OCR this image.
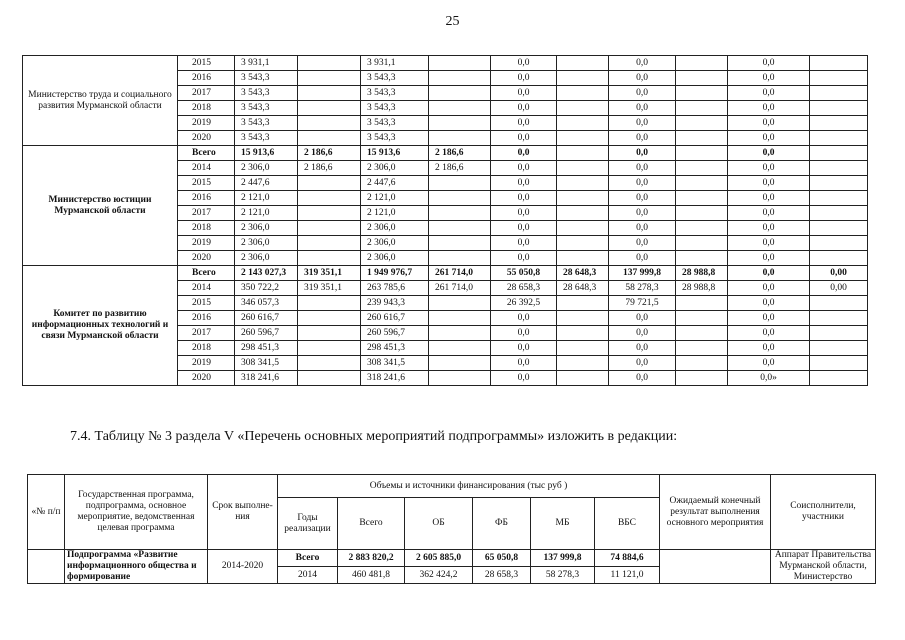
25
Министерство труда и социального развития Мурманской области	2015	3 931,1		3 931,1		0,0		0,0		0,0	
	2016	3 543,3		3 543,3		0,0		0,0		0,0	
	2017	3 543,3		3 543,3		0,0		0,0		0,0	
	2018	3 543,3		3 543,3		0,0		0,0		0,0	
	2019	3 543,3		3 543,3		0,0		0,0		0,0	
	2020	3 543,3		3 543,3		0,0		0,0		0,0	
Министерство юстиции Мурманской области	Всего	15 913,6	2 186,6	15 913,6	2 186,6	0,0		0,0		0,0	
	2014	2 306,0	2 186,6	2 306,0	2 186,6	0,0		0,0		0,0	
	2015	2 447,6		2 447,6		0,0		0,0		0,0	
	2016	2 121,0		2 121,0		0,0		0,0		0,0	
	2017	2 121,0		2 121,0		0,0		0,0		0,0	
	2018	2 306,0		2 306,0		0,0		0,0		0,0	
	2019	2 306,0		2 306,0		0,0		0,0		0,0	
	2020	2 306,0		2 306,0		0,0		0,0		0,0	
Комитет по развитию информационных технологий и связи Мурманской области	Всего	2 143 027,3	319 351,1	1 949 976,7	261 714,0	55 050,8	28 648,3	137 999,8	28 988,8	0,0	0,00
	2014	350 722,2	319 351,1	263 785,6	261 714,0	28 658,3	28 648,3	58 278,3	28 988,8	0,0	0,00
	2015	346 057,3		239 943,3		26 392,5		79 721,5		0,0	
	2016	260 616,7		260 616,7		0,0		0,0		0,0	
	2017	260 596,7		260 596,7		0,0		0,0		0,0	
	2018	298 451,3		298 451,3		0,0		0,0		0,0	
	2019	308 341,5		308 341,5		0,0		0,0		0,0	
	2020	318 241,6		318 241,6		0,0		0,0		0,0»	
7.4. Таблицу № 3 раздела V «Перечень основных мероприятий подпрограммы» изложить в редакции:
«№ п/п	Государственная программа, подпрограмма, основное мероприятие, ведомственная целевая программа	Срок выполне-ния	Объемы и источники финансирования (тыс руб )						Ожидаемый конечный результат выполнения основного мероприятия	Соисполнители, участники
			Годы реализации	Всего	ОБ	ФБ	МБ	ВБС		
	Подпрограмма «Развитие информационного общества и формирование	2014-2020	Всего	2 883 820,2	2 605 885,0	65 050,8	137 999,8	74 884,6		Аппарат Правительства Мурманской области, Министерство
			2014	460 481,8	362 424,2	28 658,3	58 278,3	11 121,0		
